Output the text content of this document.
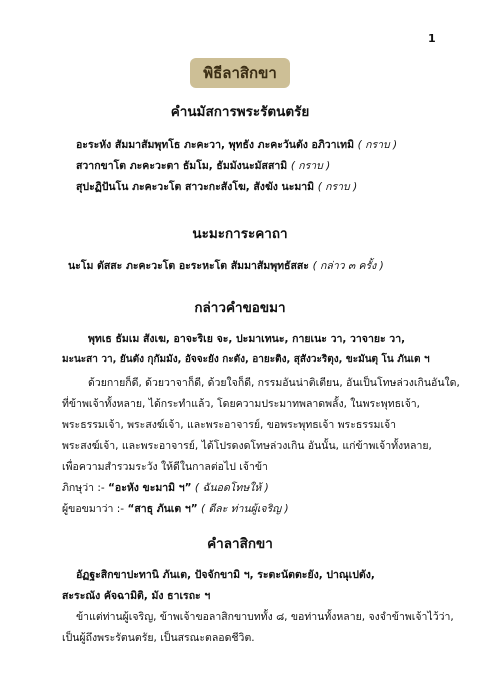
1
พิธีลาสิกขา
คำนมัสการพระรัตนตรัย
อะระหัง สัมมาสัมพุทโธ ภะคะวา, พุทธัง ภะคะวันตัง อภิวาเทมิ ( กราบ )
สวากขาโต ภะคะวะตา ธัมโม, ธัมมังนะมัสสามิ ( กราบ )
สุปะฏิปันโน ภะคะวะโต สาวะกะสังโฆ, สังฆัง นะมามิ ( กราบ )
นะมะการะคาถา
นะโม ตัสสะ ภะคะวะโต อะระหะโต สัมมาสัมพุทธัสสะ ( กล่าว ๓ ครั้ง )
กล่าวคำขอขมา
พุทเธ ธัมเม สังเฆ, อาจะริเย จะ, ปะมาเทนะ, กายเนะ วา, วาจายะ วา,
มะนะสา วา, ยันตัง กุกัมมัง, อัจจะยัง กะตัง, อายะติง, สุสังวะริตุง, ขะมันตุ โน ภันเต ฯ
ด้วยกายก็ดี, ด้วยวาจาก็ดี, ด้วยใจก็ดี, กรรมอันน่าติเตียน, อันเป็นโทษล่วงเกินอันใด,
ที่ข้าพเจ้าทั้งหลาย, ได้กระทำแล้ว, โดยความประมาทพลาดพลั้ง, ในพระพุทธเจ้า,
พระธรรมเจ้า, พระสงฆ์เจ้า, และพระอาจารย์, ขอพระพุทธเจ้า พระธรรมเจ้า
พระสงฆ์เจ้า, และพระอาจารย์, ได้โปรดงดโทษล่วงเกิน อันนั้น, แก่ข้าพเจ้าทั้งหลาย,
เพื่อความสำรวมระวัง ให้ดีในกาลต่อไป เจ้าข้า
ภิกษุว่า :- “อะหัง ขะมามิ ฯ” ( ฉันอดโทษให้ )
ผู้ขอขมาว่า :- “สาธุ ภันเต ฯ” ( ดีละ ท่านผู้เจริญ )
คำลาสิกขา
อัฏฐะสิกขาปะทานิ ภันเต, ปัจจักขามิ ฯ, ระตะนัตตะยัง, ปาณุเปตัง,
สะระณัง คัจฉามิติ, มัง ธาเรถะ ฯ
ข้าแต่ท่านผู้เจริญ, ข้าพเจ้าขอลาสิกขาบททั้ง ๘, ขอท่านทั้งหลาย, จงจำข้าพเจ้าไว้ว่า,
เป็นผู้ถึงพระรัตนตรัย, เป็นสรณะตลอดชีวิต.
